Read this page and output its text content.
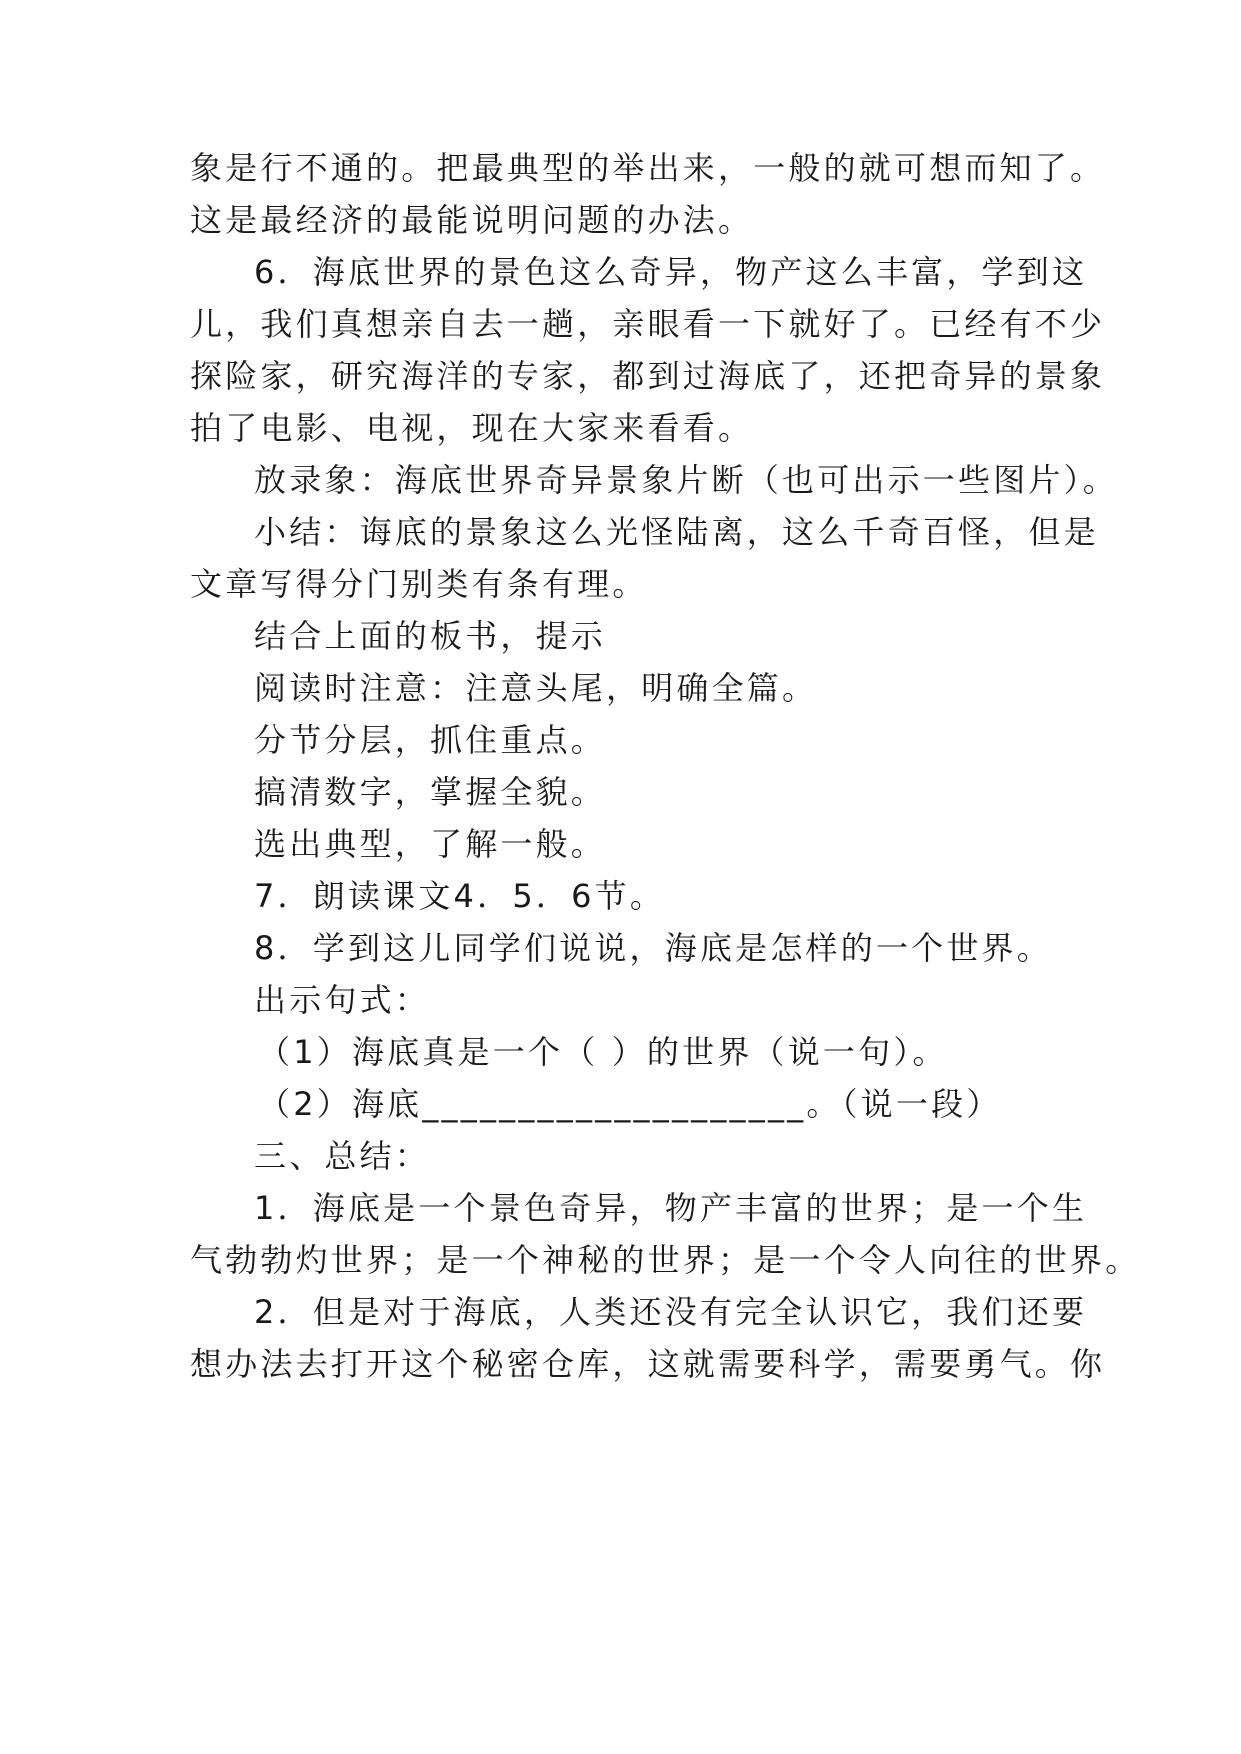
象是行不通的。把最典型的举出来，一般的就可想而知了。
这是最经济的最能说明问题的办法。
6．海底世界的景色这么奇异，物产这么丰富，学到这
儿，我们真想亲自去一趟，亲眼看一下就好了。已经有不少
探险家，研究海洋的专家，都到过海底了，还把奇异的景象
拍了电影、电视，现在大家来看看。
放录象：海底世界奇异景象片断（也可出示一些图片）。
小结：诲底的景象这么光怪陆离，这么千奇百怪，但是
文章写得分门别类有条有理。
结合上面的板书，提示
阅读时注意：注意头尾，明确全篇。
分节分层，抓住重点。
搞清数字，掌握全貌。
选出典型，了解一般。
7．朗读课文4．5．6节。
8．学到这儿同学们说说，海底是怎样的一个世界。
出示句式：
（1）海底真是一个（ ）的世界（说一句）。
（2）海底____________________。（说一段）
三、总结：
1．海底是一个景色奇异，物产丰富的世界；是一个生
气勃勃灼世界；是一个神秘的世界；是一个令人向往的世界。
2．但是对于海底，人类还没有完全认识它，我们还要
想办法去打开这个秘密仓库，这就需要科学，需要勇气。你
